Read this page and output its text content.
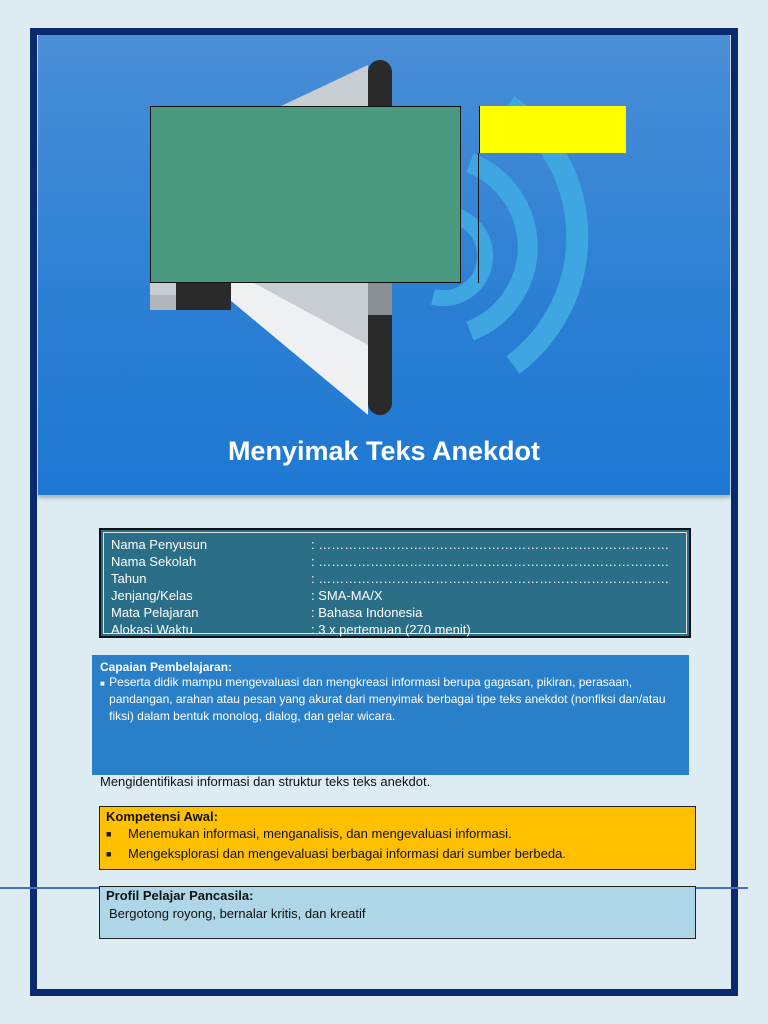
Menyimak Teks Anekdot
Nama Penyusun	: ………………………………………………………………………
Nama Sekolah	: ………………………………………………………………………
Tahun	: ………………………………………………………………………
Jenjang/Kelas	: SMA-MA/X
Mata Pelajaran	: Bahasa Indonesia
Alokasi Waktu	: 3 x pertemuan (270 menit)
Capaian Pembelajaran:
■ Peserta didik mampu mengevaluasi dan mengkreasi informasi berupa gagasan, pikiran, perasaan, pandangan, arahan atau pesan yang akurat dari menyimak berbagai tipe teks anekdot (nonfiksi dan/atau fiksi) dalam bentuk monolog, dialog, dan gelar wicara.
Mengidentifikasi informasi dan struktur teks teks anekdot.
Kompetensi Awal:
■	Menemukan informasi, menganalisis, dan mengevaluasi informasi.
■	Mengeksplorasi dan mengevaluasi berbagai informasi dari sumber berbeda.
Profil Pelajar Pancasila:
Bergotong royong, bernalar kritis, dan kreatif
